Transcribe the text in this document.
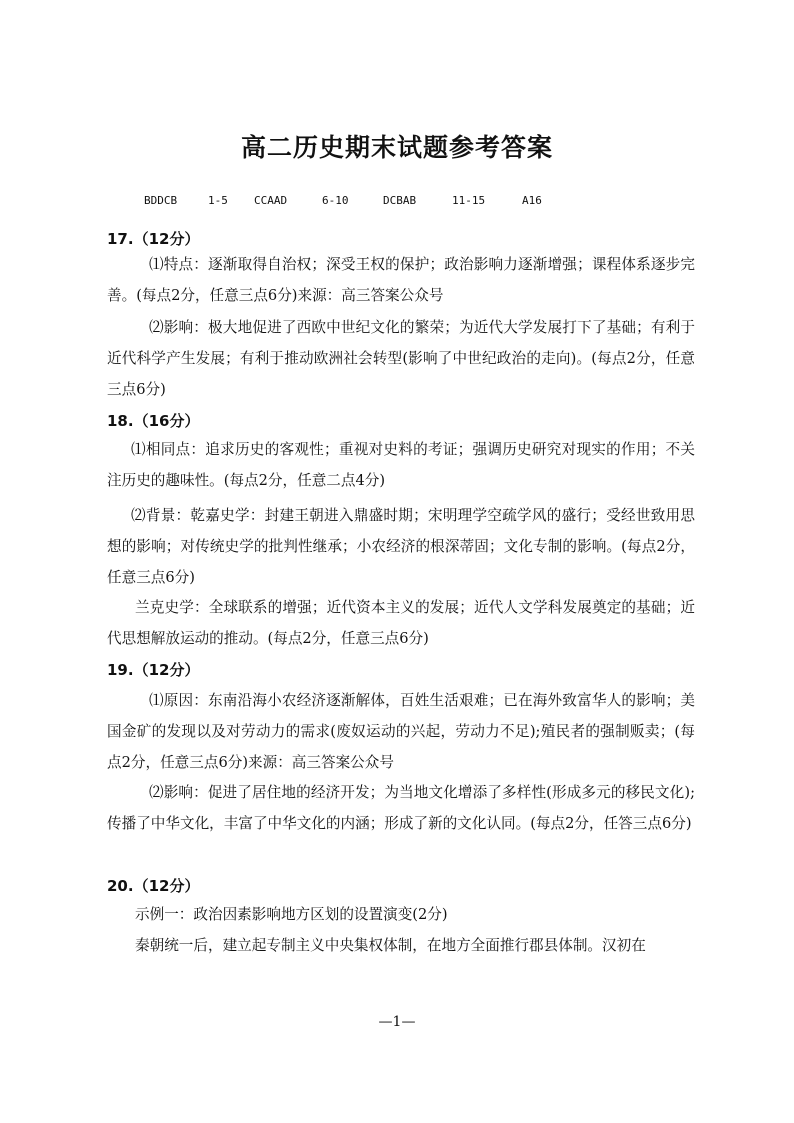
高二历史期末试题参考答案
BDDCB	1-5 CCAAD	6-10	DCBAB	11-15	A16
17.（12分）
⑴特点：逐渐取得自治权；深受王权的保护；政治影响力逐渐增强；课程体系逐步完善。(每点2分，任意三点6分)来源：高三答案公众号
⑵影响：极大地促进了西欧中世纪文化的繁荣；为近代大学发展打下了基础；有利于近代科学产生发展；有利于推动欧洲社会转型(影响了中世纪政治的走向)。(每点2分，任意三点6分)
18.（16分）
⑴相同点：追求历史的客观性；重视对史料的考证；强调历史研究对现实的作用；不关注历史的趣味性。(每点2分，任意二点4分)
⑵背景：乾嘉史学：封建王朝进入鼎盛时期；宋明理学空疏学风的盛行；受经世致用思想的影响；对传统史学的批判性继承；小农经济的根深蒂固；文化专制的影响。(每点2分，任意三点6分)
兰克史学：全球联系的增强；近代资本主义的发展；近代人文学科发展奠定的基础；近代思想解放运动的推动。(每点2分，任意三点6分)
19.（12分）
⑴原因：东南沿海小农经济逐渐解体，百姓生活艰难；已在海外致富华人的影响；美国金矿的发现以及对劳动力的需求(废奴运动的兴起，劳动力不足);殖民者的强制贩卖；(每点2分，任意三点6分)来源：高三答案公众号
⑵影响：促进了居住地的经济开发；为当地文化增添了多样性(形成多元的移民文化);传播了中华文化，丰富了中华文化的内涵；形成了新的文化认同。(每点2分，任答三点6分)
20.（12分）
示例一：政治因素影响地方区划的设置演变(2分)
秦朝统一后，建立起专制主义中央集权体制，在地方全面推行郡县体制。汉初在
—1—
